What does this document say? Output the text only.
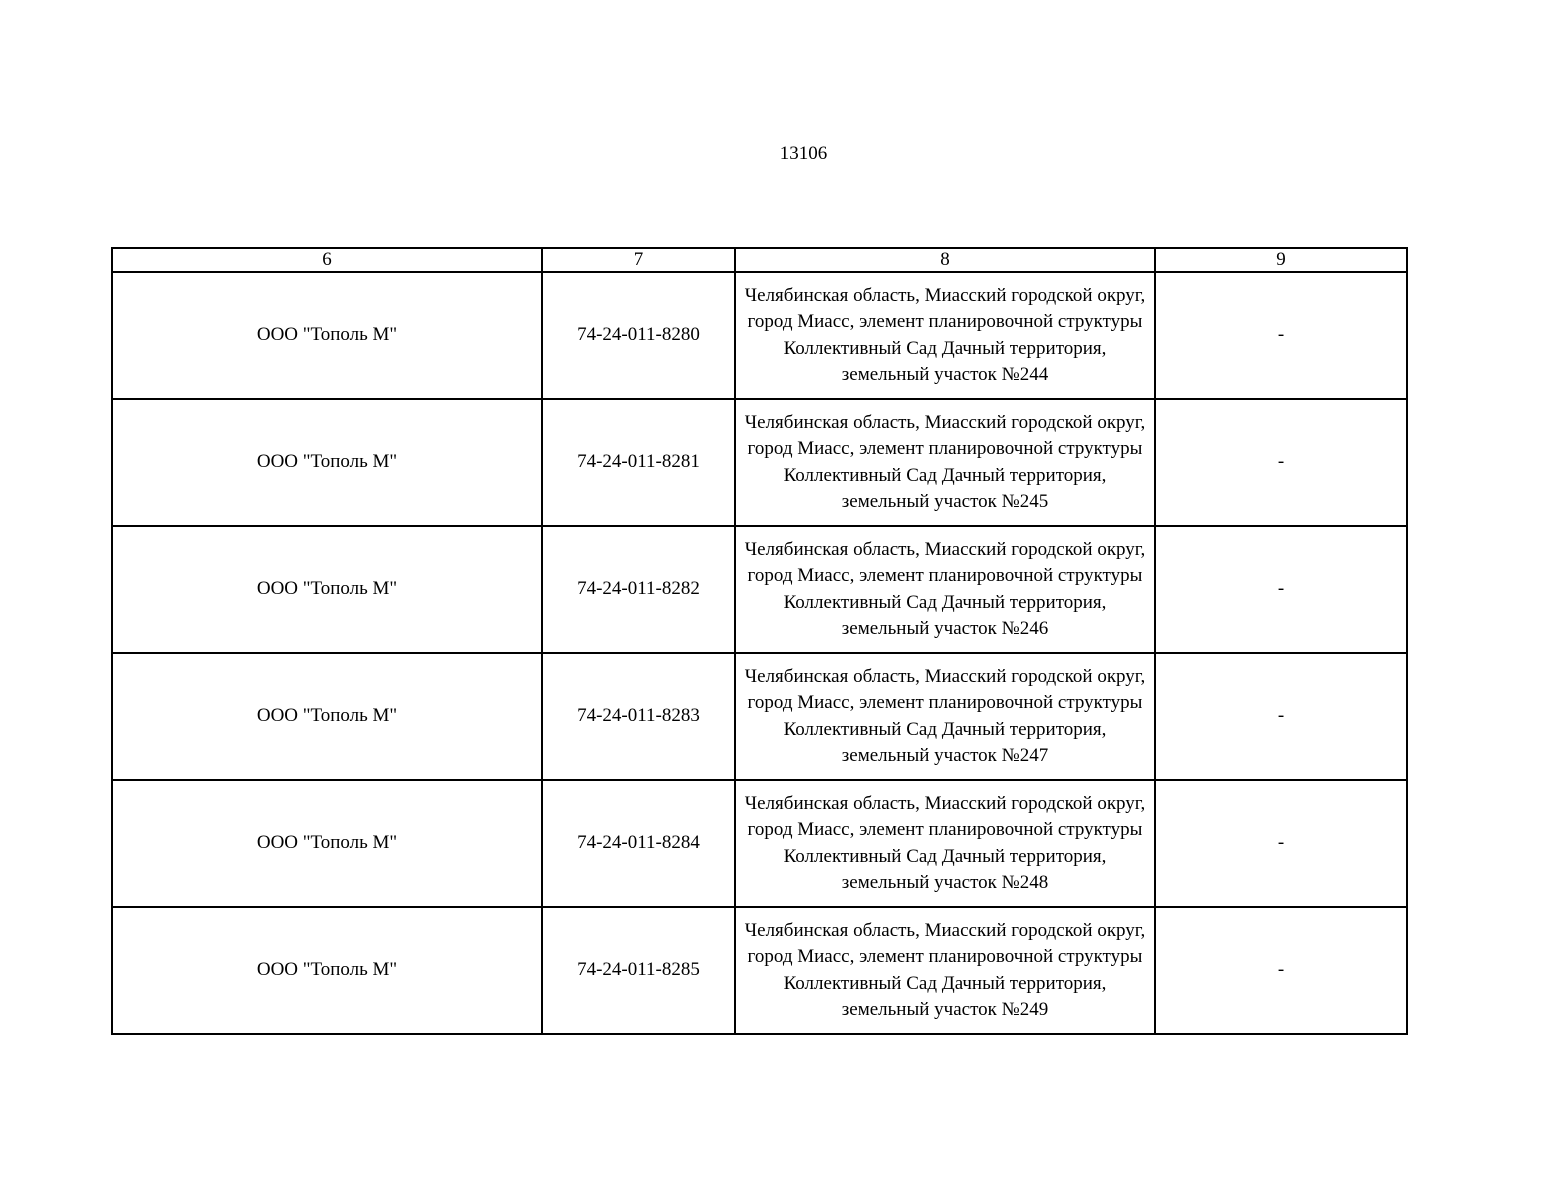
13106
6	7	8	9
ООО "Тополь М"	74-24-011-8280	Челябинская область, Миасский городской округ, город Миасс, элемент планировочной структуры Коллективный Сад Дачный территория, земельный участок №244	-
ООО "Тополь М"	74-24-011-8281	Челябинская область, Миасский городской округ, город Миасс, элемент планировочной структуры Коллективный Сад Дачный территория, земельный участок №245	-
ООО "Тополь М"	74-24-011-8282	Челябинская область, Миасский городской округ, город Миасс, элемент планировочной структуры Коллективный Сад Дачный территория, земельный участок №246	-
ООО "Тополь М"	74-24-011-8283	Челябинская область, Миасский городской округ, город Миасс, элемент планировочной структуры Коллективный Сад Дачный территория, земельный участок №247	-
ООО "Тополь М"	74-24-011-8284	Челябинская область, Миасский городской округ, город Миасс, элемент планировочной структуры Коллективный Сад Дачный территория, земельный участок №248	-
ООО "Тополь М"	74-24-011-8285	Челябинская область, Миасский городской округ, город Миасс, элемент планировочной структуры Коллективный Сад Дачный территория, земельный участок №249	-
